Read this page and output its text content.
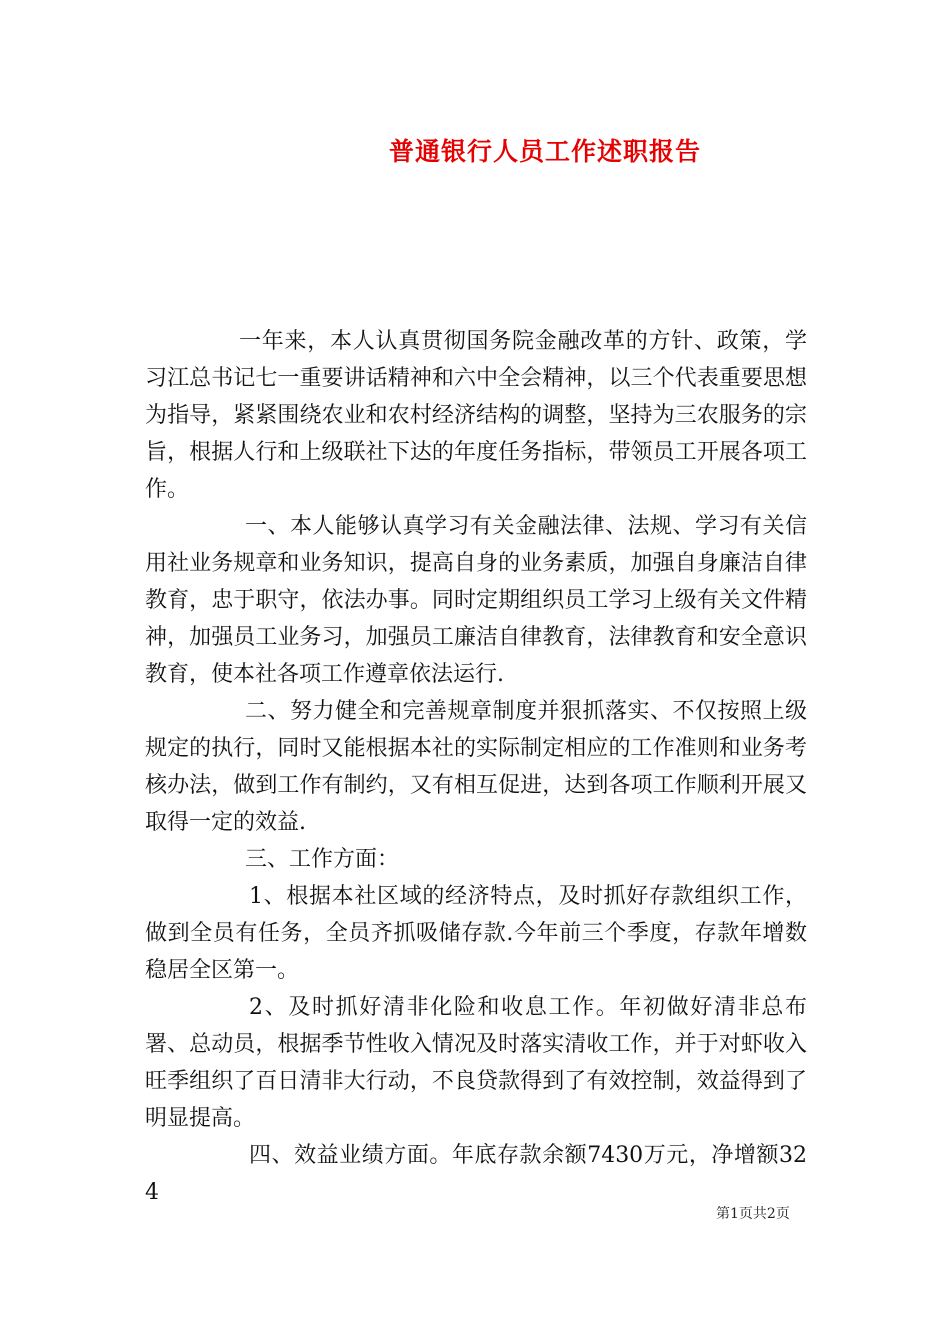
普通银行人员工作述职报告

一年来，本人认真贯彻国务院金融改革的方针、政策，学习江总书记七一重要讲话精神和六中全会精神，以三个代表重要思想为指导，紧紧围绕农业和农村经济结构的调整，坚持为三农服务的宗旨，根据人行和上级联社下达的年度任务指标，带领员工开展各项工作。

一、本人能够认真学习有关金融法律、法规、学习有关信用社业务规章和业务知识，提高自身的业务素质，加强自身廉洁自律教育，忠于职守，依法办事。同时定期组织员工学习上级有关文件精神，加强员工业务习，加强员工廉洁自律教育，法律教育和安全意识教育，使本社各项工作遵章依法运行.

二、努力健全和完善规章制度并狠抓落实、不仅按照上级规定的执行，同时又能根据本社的实际制定相应的工作准则和业务考核办法，做到工作有制约，又有相互促进，达到各项工作顺利开展又取得一定的效益.

三、工作方面：

1、根据本社区域的经济特点，及时抓好存款组织工作，做到全员有任务，全员齐抓吸储存款.今年前三个季度，存款年增数稳居全区第一。

2、及时抓好清非化险和收息工作。年初做好清非总布署、总动员，根据季节性收入情况及时落实清收工作，并于对虾收入旺季组织了百日清非大行动，不良贷款得到了有效控制，效益得到了明显提高。

四、效益业绩方面。年底存款余额7430万元，净增额324

第1页共2页
